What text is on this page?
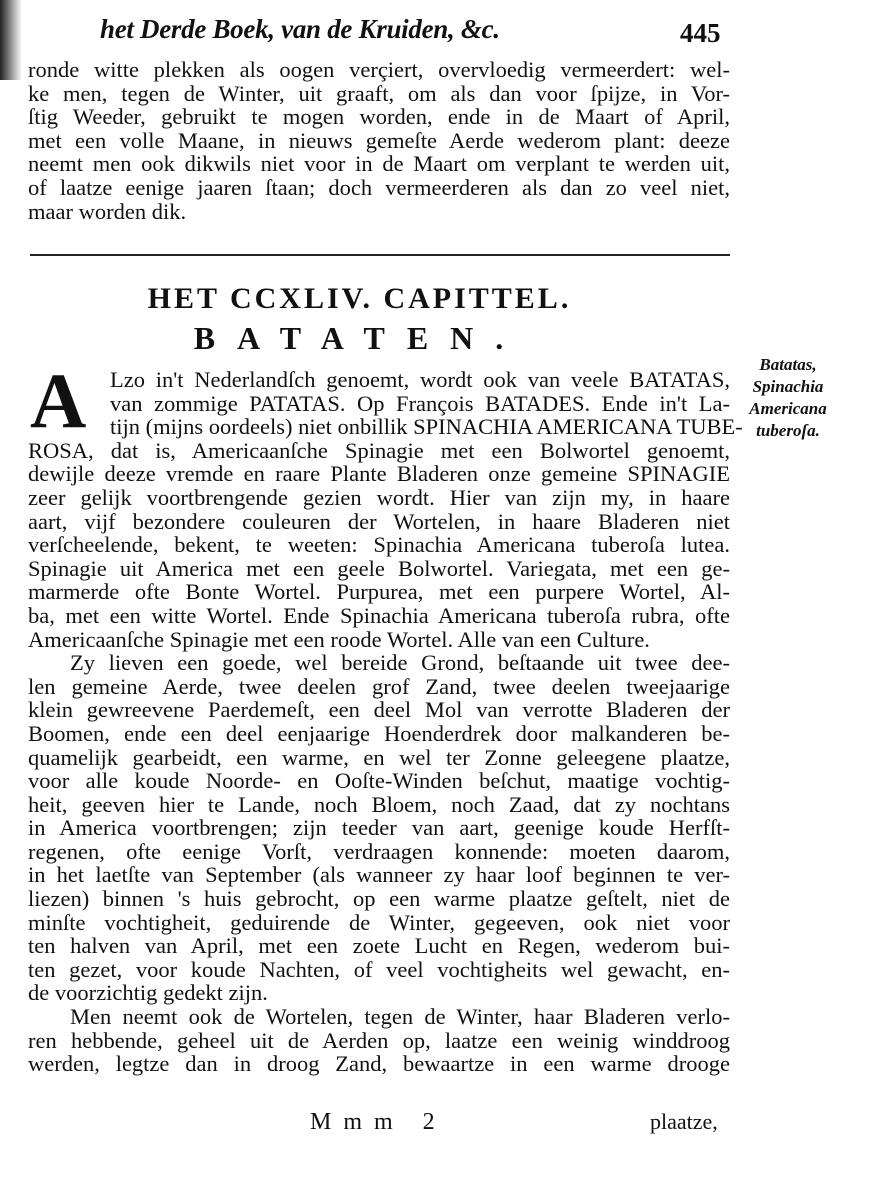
het Derde Boek, van de Kruiden, &c.	445
ronde witte plekken als oogen verçiert, overvloedig vermeerdert: wel-
ke men, tegen de Winter, uit graaft, om als dan voor ſpijze, in Vor-
ſtig Weeder, gebruikt te mogen worden, ende in de Maart of April,
met een volle Maane, in nieuws gemeſte Aerde wederom plant: deeze
neemt men ook dikwils niet voor in de Maart om verplant te werden uit,
of laatze eenige jaaren ſtaan; doch vermeerderen als dan zo veel niet,
maar worden dik.
HET CCXLIV. CAPITTEL.
BATATEN.
A	Batatas,
Spinachia
Americana
tuberoſa.
Lzo in't Nederlandſch genoemt, wordt ook van veele BATATAS,
van zommige PATATAS. Op François BATADES. Ende in't La-
tijn (mijns oordeels) niet onbillik SPINACHIA AMERICANA TUBE-
ROSA, dat is, Americaanſche Spinagie met een Bolwortel genoemt,
dewijle deeze vremde en raare Plante Bladeren onze gemeine SPINAGIE
zeer gelijk voortbrengende gezien wordt. Hier van zijn my, in haare
aart, vijf bezondere couleuren der Wortelen, in haare Bladeren niet
verſcheelende, bekent, te weeten: Spinachia Americana tuberoſa lutea.
Spinagie uit America met een geele Bolwortel. Variegata, met een ge-
marmerde ofte Bonte Wortel. Purpurea, met een purpere Wortel, Al-
ba, met een witte Wortel. Ende Spinachia Americana tuberoſa rubra, ofte
Americaanſche Spinagie met een roode Wortel. Alle van een Culture.
Zy lieven een goede, wel bereide Grond, beſtaande uit twee dee-
len gemeine Aerde, twee deelen grof Zand, twee deelen tweejaarige
klein gewreevene Paerdemeſt, een deel Mol van verrotte Bladeren der
Boomen, ende een deel eenjaarige Hoenderdrek door malkanderen be-
quamelijk gearbeidt, een warme, en wel ter Zonne geleegene plaatze,
voor alle koude Noorde- en Ooſte-Winden beſchut, maatige vochtig-
heit, geeven hier te Lande, noch Bloem, noch Zaad, dat zy nochtans
in America voortbrengen; zijn teeder van aart, geenige koude Herfſt-
regenen, ofte eenige Vorſt, verdraagen konnende: moeten daarom,
in het laetſte van September (als wanneer zy haar loof beginnen te ver-
liezen) binnen 's huis gebrocht, op een warme plaatze geſtelt, niet de
minſte vochtigheit, geduirende de Winter, gegeeven, ook niet voor
ten halven van April, met een zoete Lucht en Regen, wederom bui-
ten gezet, voor koude Nachten, of veel vochtigheits wel gewacht, en-
de voorzichtig gedekt zijn.
Men neemt ook de Wortelen, tegen de Winter, haar Bladeren verlo-
ren hebbende, geheel uit de Aerden op, laatze een weinig winddroog
werden, legtze dan in droog Zand, bewaartze in een warme drooge
Mmm 2	plaatze,
